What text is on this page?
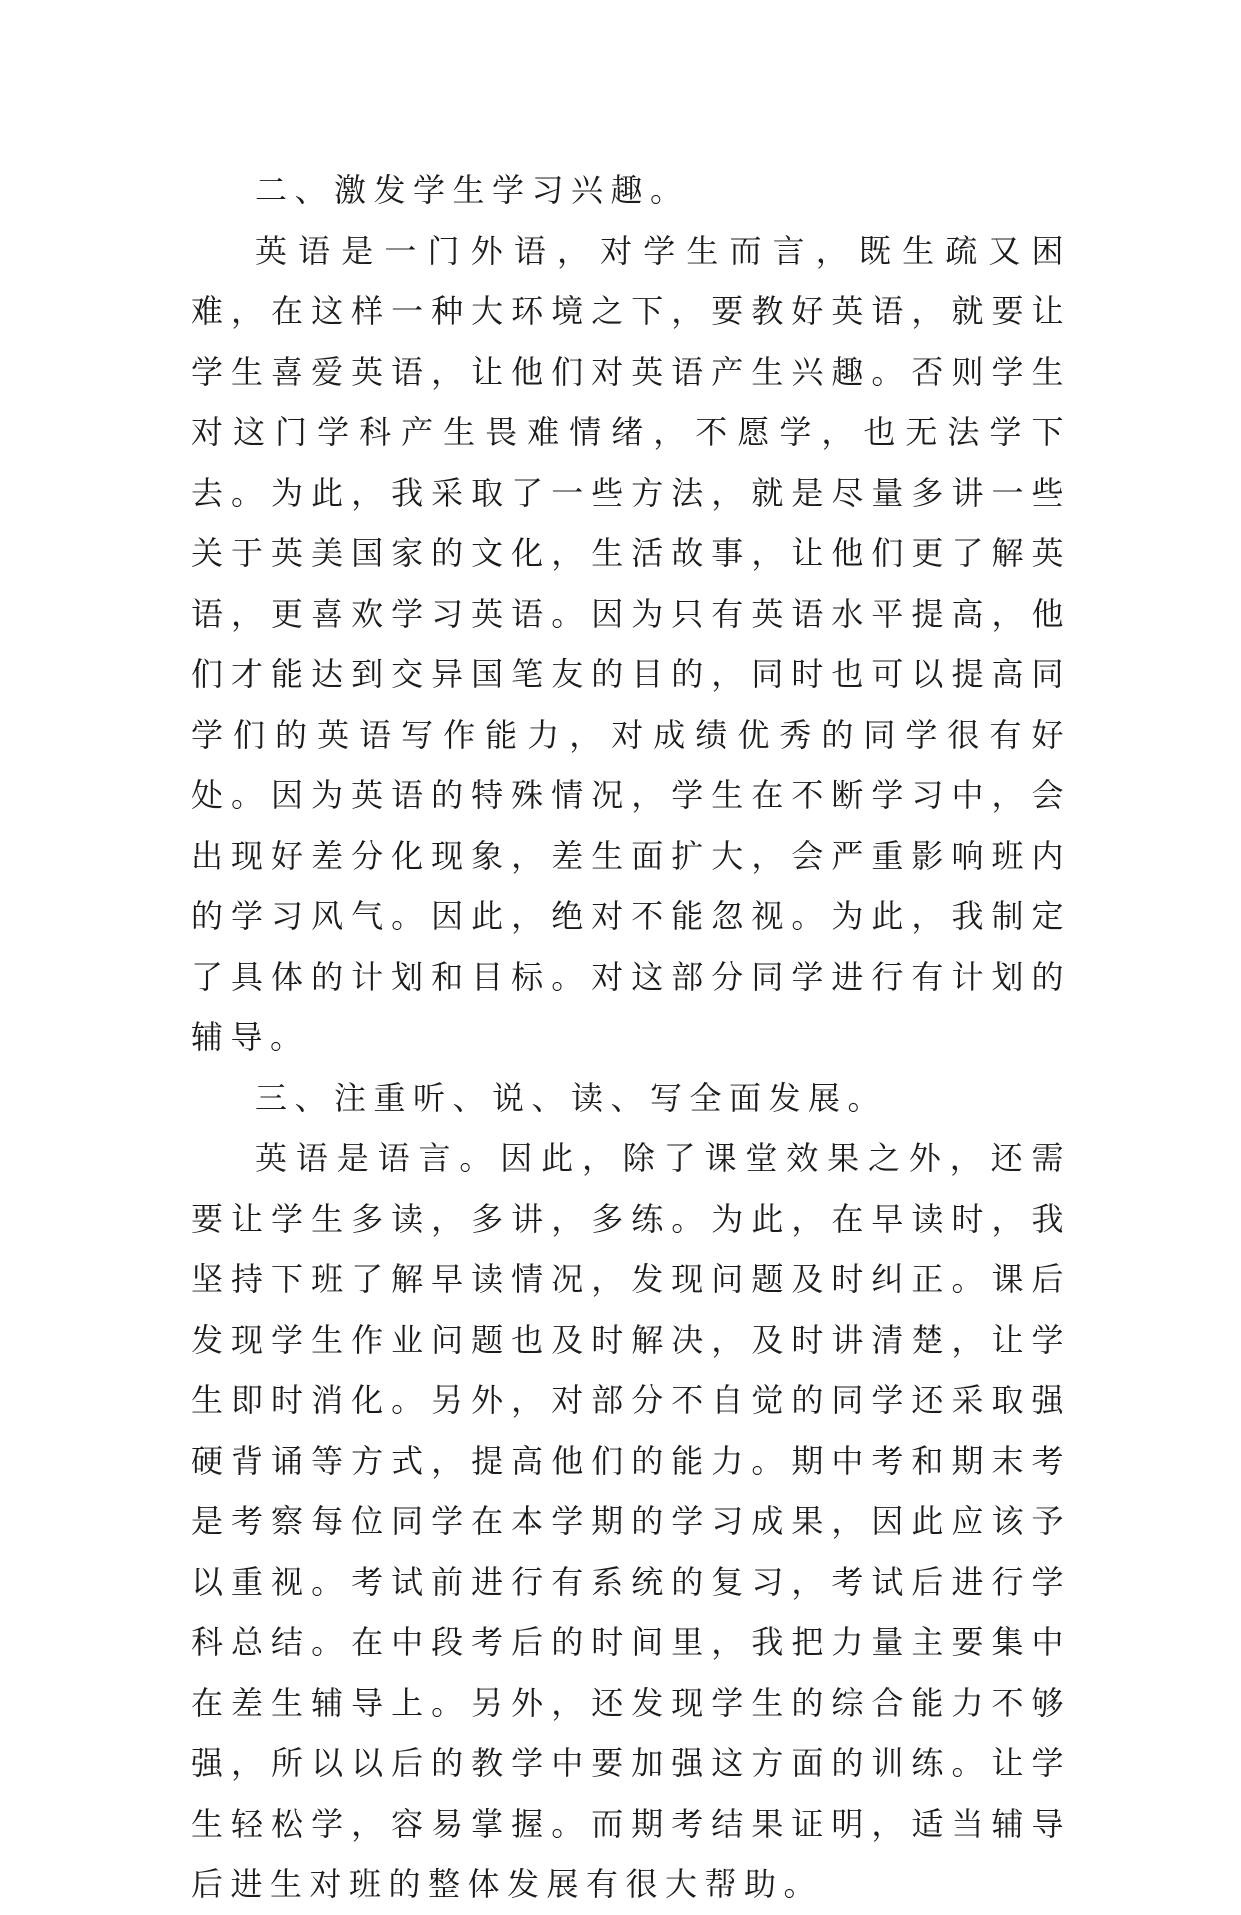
二、激发学生学习兴趣。

英语是一门外语，对学生而言，既生疏又困难，在这样一种大环境之下，要教好英语，就要让学生喜爱英语，让他们对英语产生兴趣。否则学生对这门学科产生畏难情绪，不愿学，也无法学下去。为此，我采取了一些方法，就是尽量多讲一些关于英美国家的文化，生活故事，让他们更了解英语，更喜欢学习英语。因为只有英语水平提高，他们才能达到交异国笔友的目的，同时也可以提高同学们的英语写作能力，对成绩优秀的同学很有好处。因为英语的特殊情况，学生在不断学习中，会出现好差分化现象，差生面扩大，会严重影响班内的学习风气。因此，绝对不能忽视。为此，我制定了具体的计划和目标。对这部分同学进行有计划的辅导。

三、注重听、说、读、写全面发展。

英语是语言。因此，除了课堂效果之外，还需要让学生多读，多讲，多练。为此，在早读时，我坚持下班了解早读情况，发现问题及时纠正。课后发现学生作业问题也及时解决，及时讲清楚，让学生即时消化。另外，对部分不自觉的同学还采取强硬背诵等方式，提高他们的能力。期中考和期末考是考察每位同学在本学期的学习成果，因此应该予以重视。考试前进行有系统的复习，考试后进行学科总结。在中段考后的时间里，我把力量主要集中在差生辅导上。另外，还发现学生的综合能力不够强，所以以后的教学中要加强这方面的训练。让学生轻松学，容易掌握。而期考结果证明，适当辅导后进生对班的整体发展有很大帮助。
